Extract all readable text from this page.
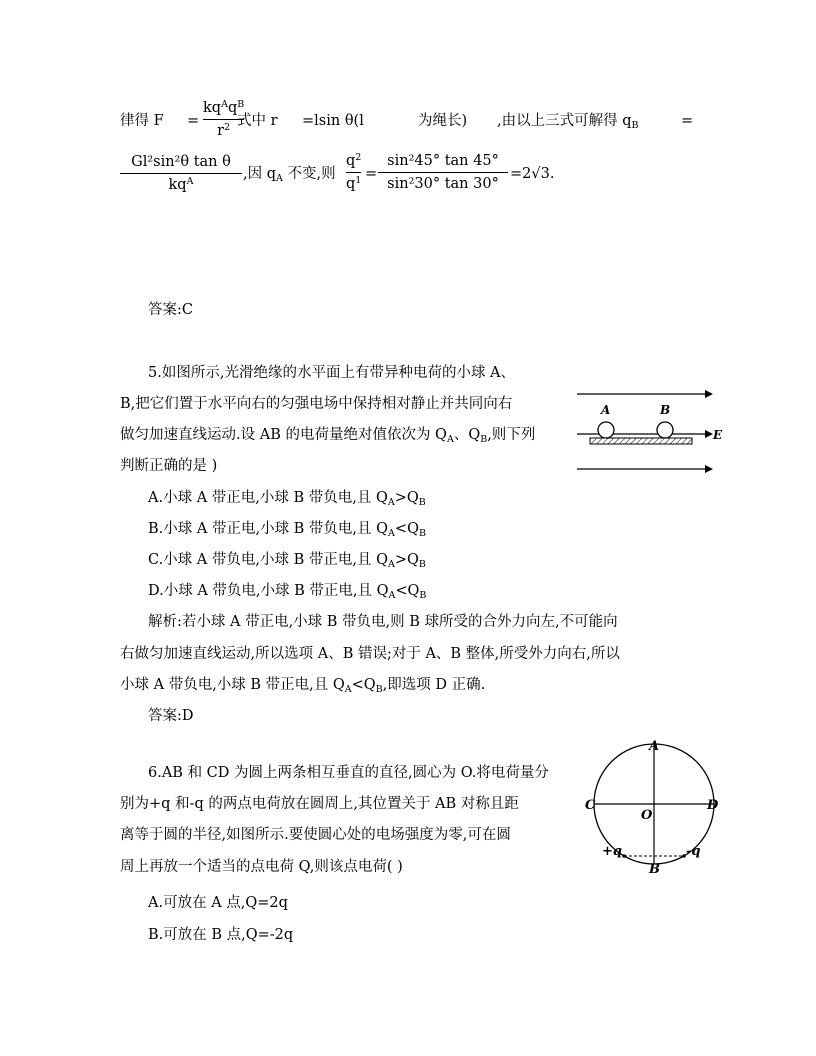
律得 F =
$kq^Aq^B$
$r^2$ 式中 r =lsin θ(l	为绳长) ,由以上三式可解得 $q_B$	=
Gl²sin²θ tan θ
$kq^A$	,因 $q_A$ 不变,则
$q^2$
$q^1$ =
sin²45° tan 45°
sin²30° tan 30°
=2√3.
答案:C
5.如图所示,光滑绝缘的水平面上有带异种电荷的小球 A、
B,把它们置于水平向右的匀强电场中保持相对静止并共同向右
做匀加速直线运动.设 AB 的电荷量绝对值依次为 $Q_A$、$Q_B$,则下列
判断正确的是 )
A.小球 A 带正电,小球 B 带负电,且 $Q_A>Q_B$
B.小球 A 带正电,小球 B 带负电,且 $Q_A<Q_B$
C.小球 A 带负电,小球 B 带正电,且 $Q_A>Q_B$
D.小球 A 带负电,小球 B 带正电,且 $Q_A<Q_B$
解析:若小球 A 带正电,小球 B 带负电,则 B 球所受的合外力向左,不可能向
右做匀加速直线运动,所以选项 A、B 错误;对于 A、B 整体,所受外力向右,所以
小球 A 带负电,小球 B 带正电,且 $Q_A<Q_B$,即选项 D 正确.
答案:D
A	B
E
6.AB 和 CD 为圆上两条相互垂直的直径,圆心为 O.将电荷量分
别为+q 和-q 的两点电荷放在圆周上,其位置关于 AB 对称且距
离等于圆的半径,如图所示.要使圆心处的电场强度为零,可在圆
周上再放一个适当的点电荷 Q,则该点电荷( )
A.可放在 A 点,Q=2q
B.可放在 B 点,Q=-2q
A
B
C	D
O
+q	-q
